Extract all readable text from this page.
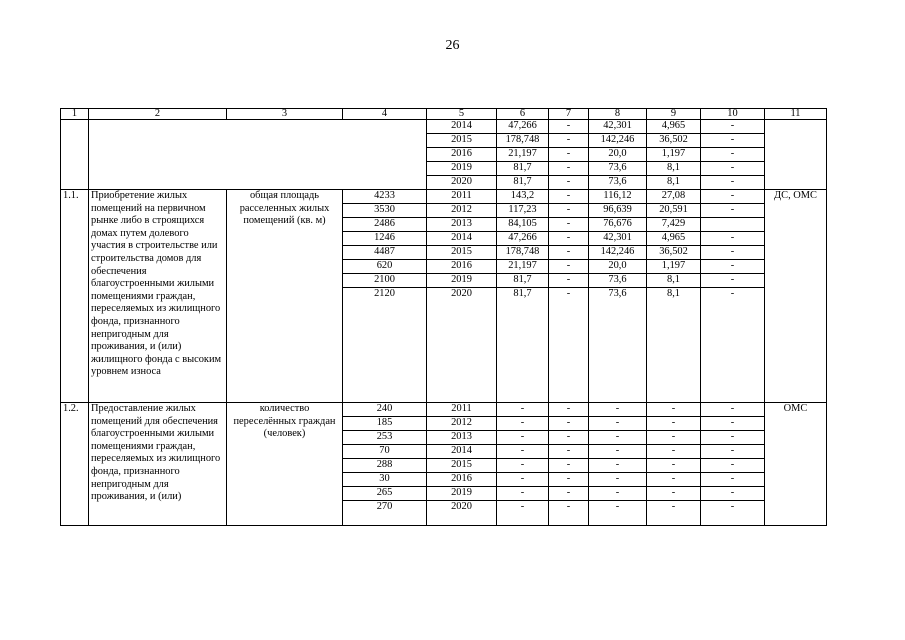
26
1	2	3	4	5	6	7	8	9	10	11
				2014	47,266	-	42,301	4,965	-	
				2015	178,748	-	142,246	36,502	-	
				2016	21,197	-	20,0	1,197	-	
				2019	81,7	-	73,6	8,1	-	
				2020	81,7	-	73,6	8,1	-	
1.1.	Приобретение жилых помещений на первичном рынке либо в строящихся домах путем долевого участия в строительстве или строительства домов для обеспечения благоустроенными жилыми помещениями граждан, переселяемых из жилищного фонда, признанного непригодным для проживания, и (или) жилищного фонда с высоким уровнем износа	общая площадь расселенных жилых помещений (кв. м)	4233	2011	143,2	-	116,12	27,08	-	ДС, ОМС
			3530	2012	117,23	-	96,639	20,591	-	
			2486	2013	84,105	-	76,676	7,429		
			1246	2014	47,266	-	42,301	4,965	-	
			4487	2015	178,748	-	142,246	36,502	-	
			620	2016	21,197	-	20,0	1,197	-	
			2100	2019	81,7	-	73,6	8,1	-	
			2120	2020	81,7	-	73,6	8,1	-	
1.2.	Предоставление жилых помещений для обеспечения благоустроенными жилыми помещениями граждан, переселяемых из жилищного фонда, признанного непригодным для проживания, и (или)	количество переселённых граждан (человек)	240	2011	-	-	-	-	-	ОМС
			185	2012	-	-	-	-	-	
			253	2013	-	-	-	-	-	
			70	2014	-	-	-	-	-	
			288	2015	-	-	-	-	-	
			30	2016	-	-	-	-	-	
			265	2019	-	-	-	-	-	
			270	2020	-	-	-	-	-	
